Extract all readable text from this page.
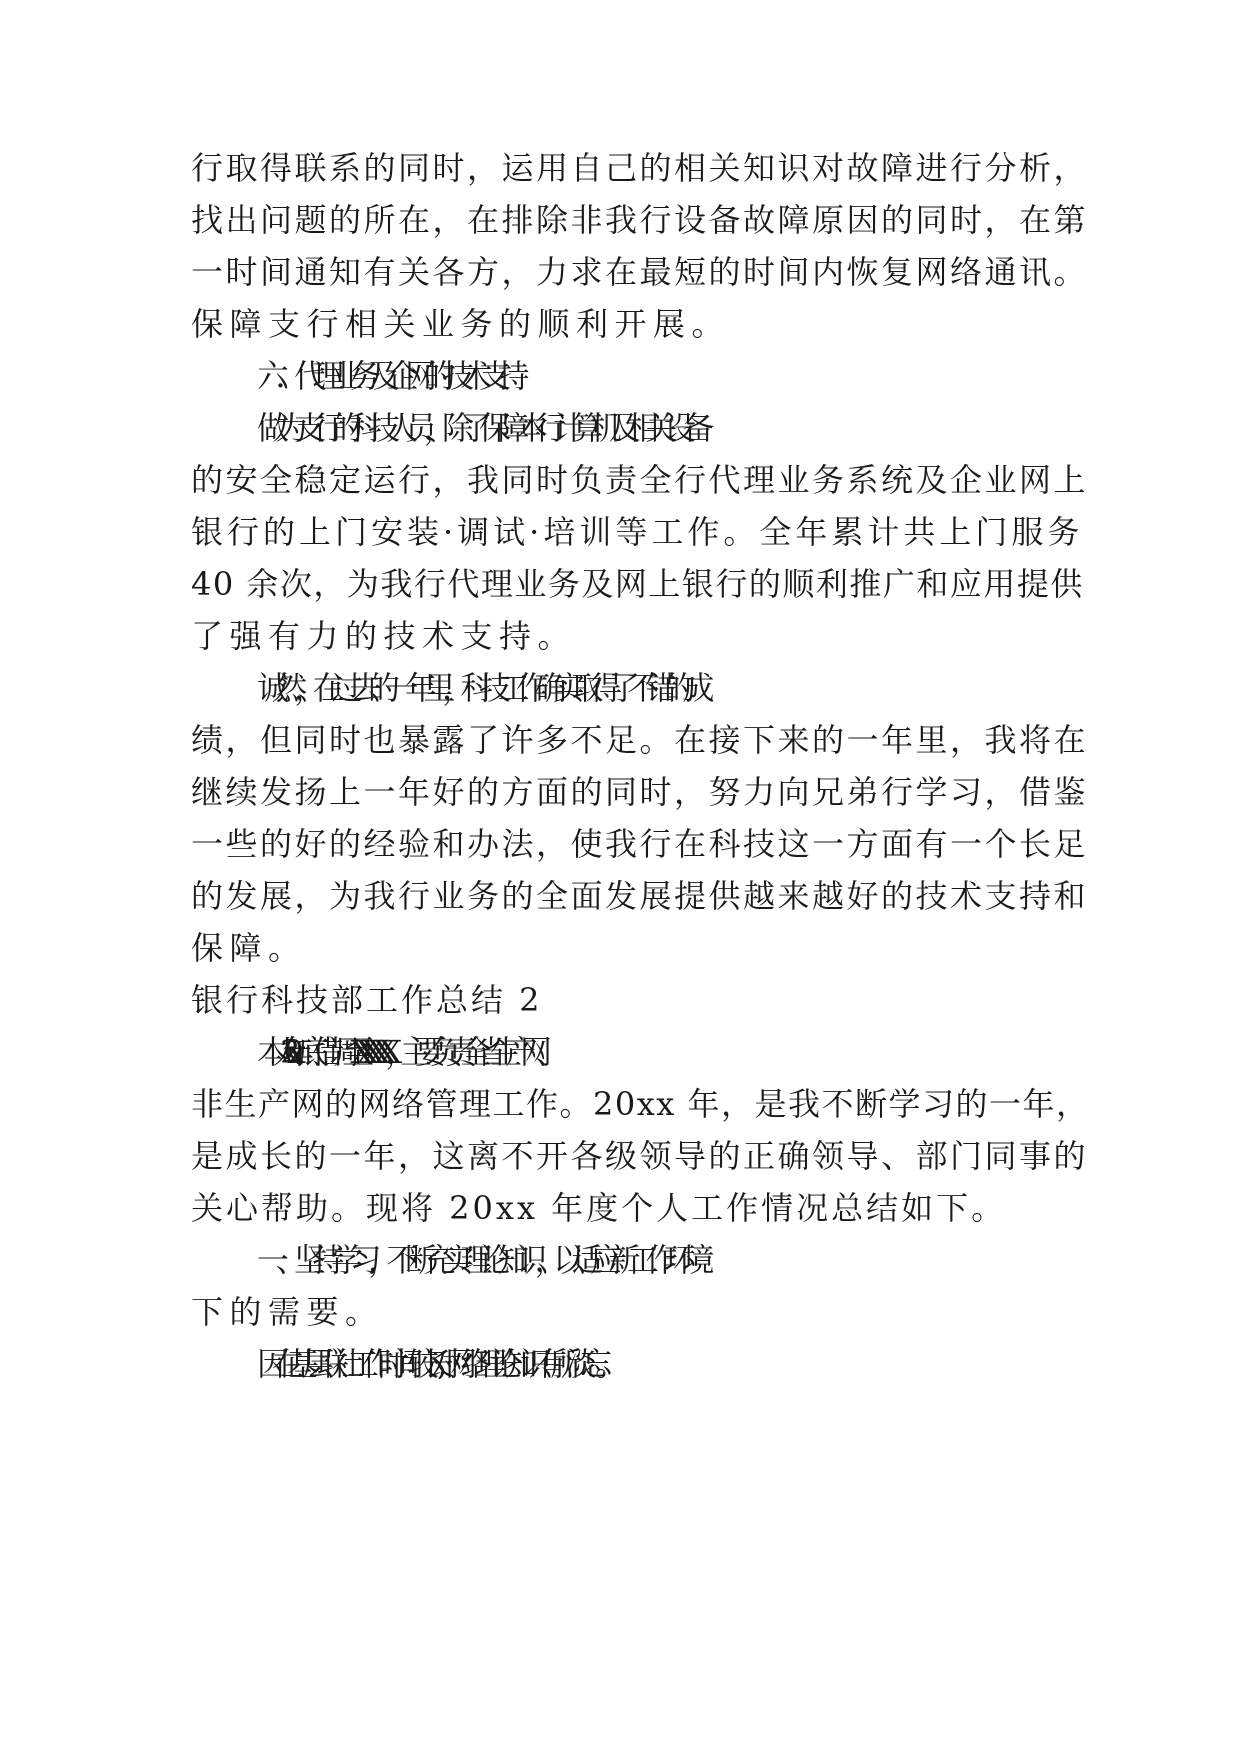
行取得联系的同时，运用自己的相关知识对故障进行分析，

找出问题的所在，在排除非我行设备故障原因的同时，在第

一时间通知有关各方，力求在最短的时间内恢复网络通讯。

保障支行相关业务的顺利开展。

六．代理业务及企网的技术支持

做为支行的科技人员，除了保障本行计算机及相关设备

的安全稳定运行，我同时负责全行代理业务系统及企业网上

银行的上门安装·调试·培训等工作。全年累计共上门服务

40 余次，为我行代理业务及网上银行的顺利推广和应用提供

了强有力的技术支持。

诚然，在过去的一年里，科技工作确实取得了不错的成

绩，但同时也暴露了许多不足。在接下来的一年里，我将在

继续发扬上一年好的方面的同时，努力向兄弟行学习，借鉴

一些的好的经验和办法，使我行在科技这一方面有一个长足

的发展，为我行业务的全面发展提供越来越好的技术支持和

保障。

银行科技部工作总结 2

本人 20xx 年底借调至 XXXXXX，主要负责全省生产网、

非生产网的网络管理工作。20xx 年，是我不断学习的一年，

是成长的一年，这离不开各级领导的正确领导、部门同事的

关心帮助。现将 20xx 年度个人工作情况总结如下。

一、坚持学习，不断充实理论知识，以适应新工作环境

下的需要。

因在基层联社工作时间较长,对网络理论知识有所淡忘。
